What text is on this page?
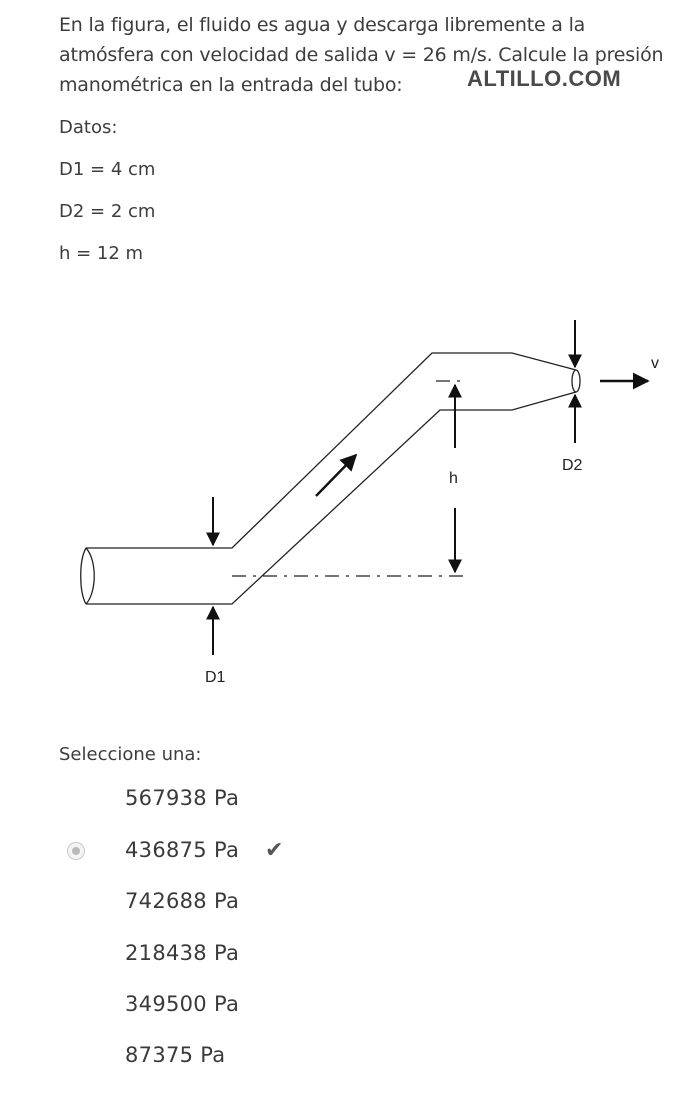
En la figura, el fluido es agua y descarga libremente a la
atmósfera con velocidad de salida v = 26 m/s. Calcule la presión
manométrica en la entrada del tubo:	ALTILLO.COM
Datos:
D1 = 4 cm
D2 = 2 cm
h = 12 m
v
h
D2
D1
Seleccione una:
567938 Pa
436875 Pa ✔
742688 Pa
218438 Pa
349500 Pa
87375 Pa
